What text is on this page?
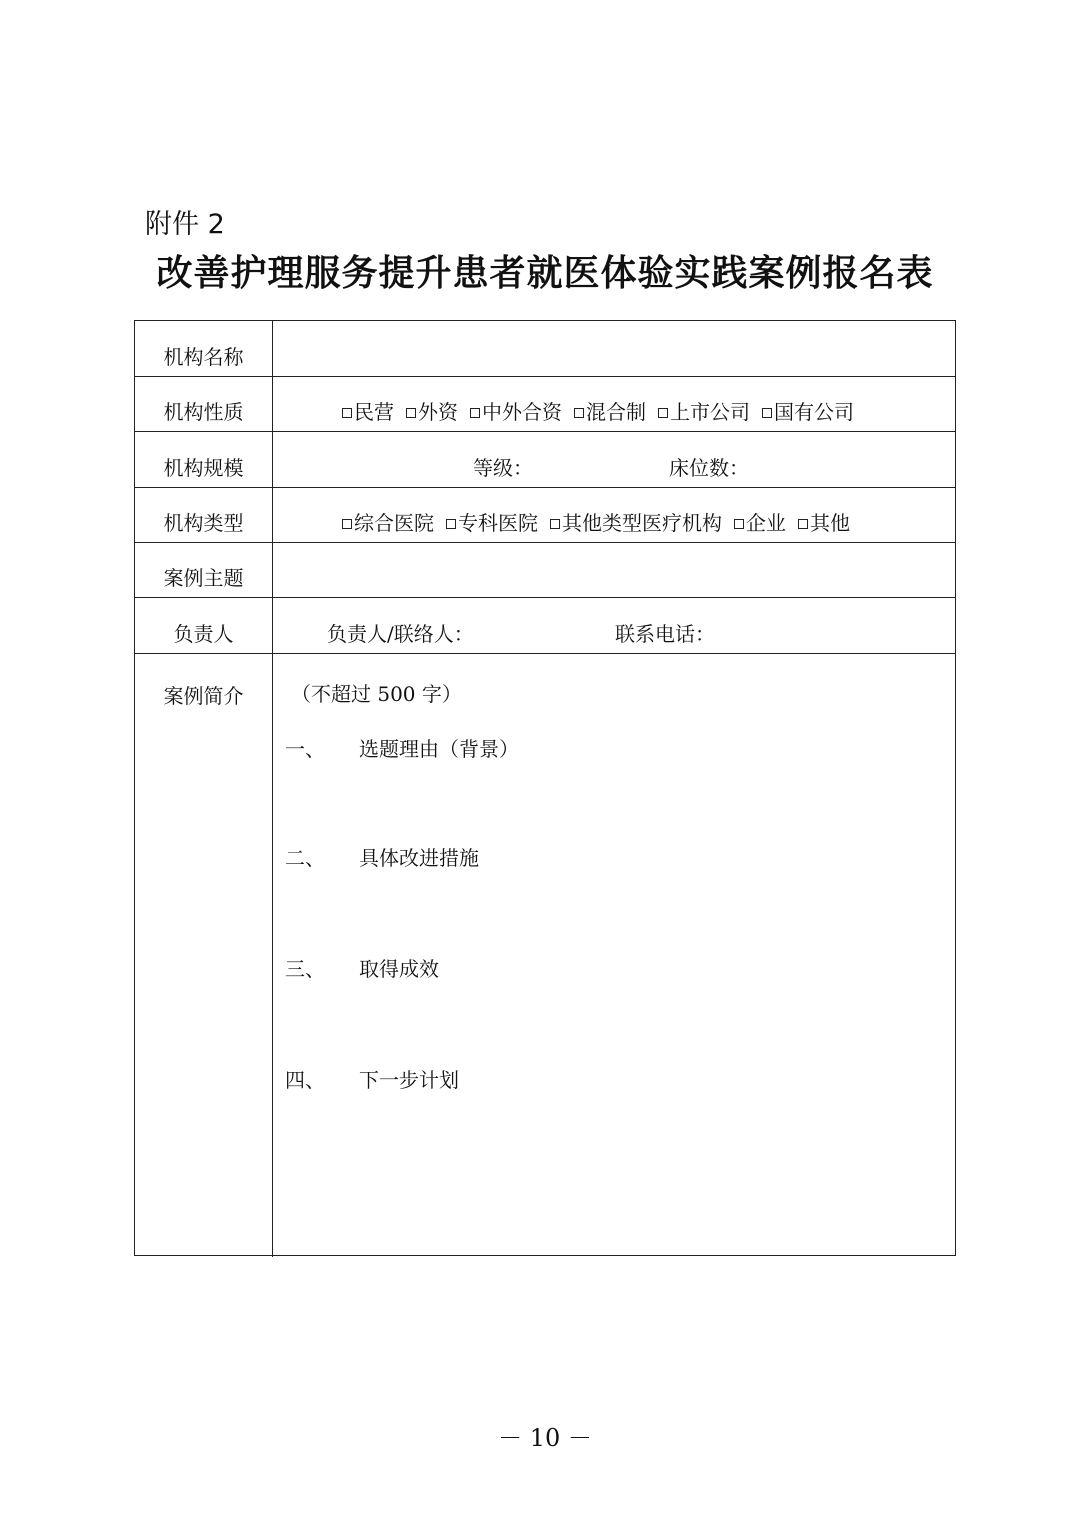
附件 2
改善护理服务提升患者就医体验实践案例报名表
机构名称
机构性质	民营 外资 中外合资 混合制 上市公司 国有公司
机构规模	等级：	床位数：
机构类型	综合医院 专科医院 其他类型医疗机构 企业 其他
案例主题
负责人	负责人/联络人：	联系电话：
案例简介	（不超过 500 字）
一、 选题理由（背景）
二、 具体改进措施
三、 取得成效
四、 下一步计划
－ 10 －
